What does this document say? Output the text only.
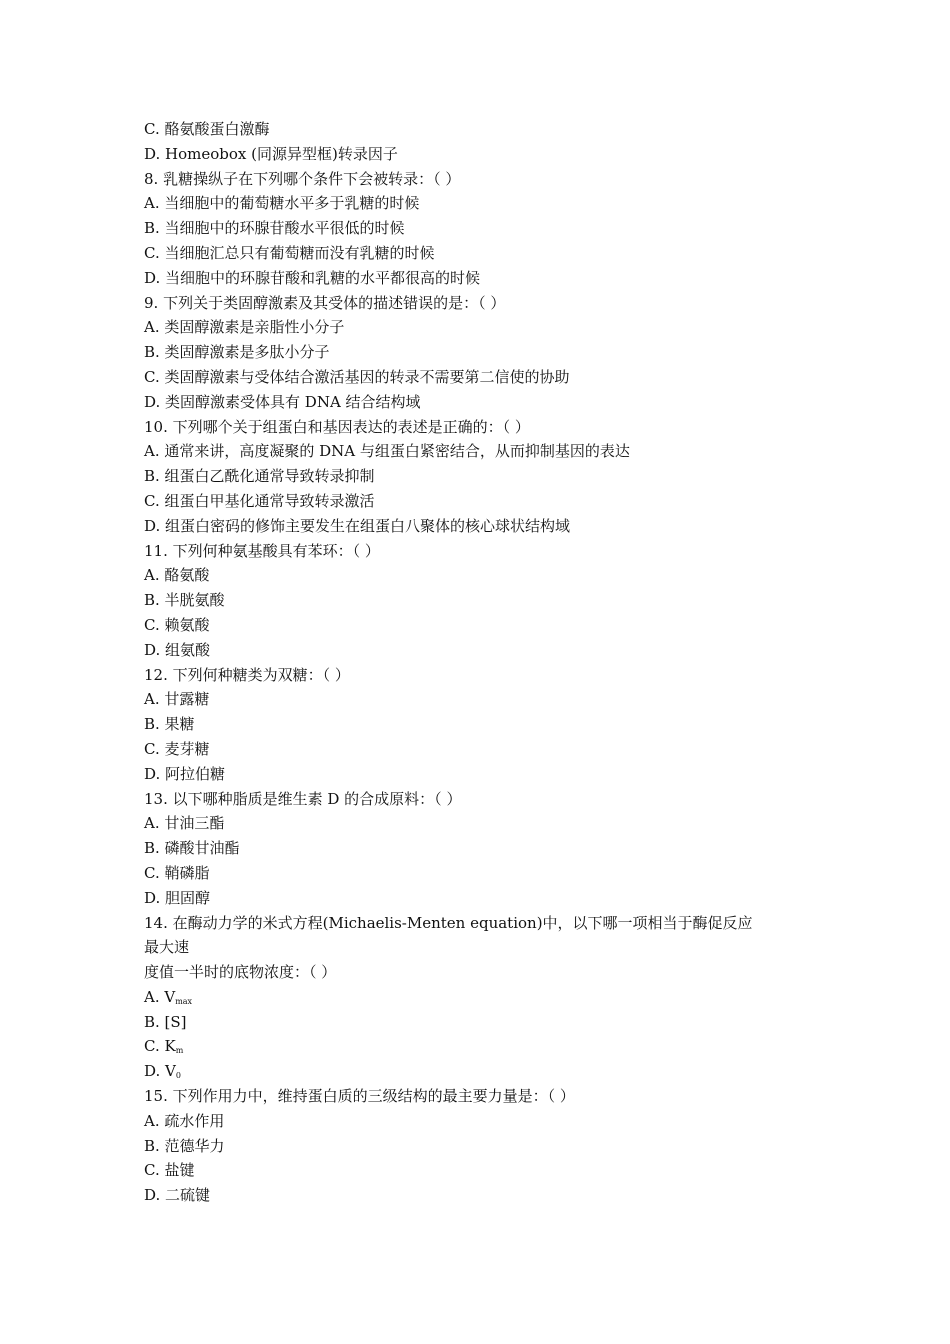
C. 酪氨酸蛋白激酶
D. Homeobox (同源异型框)转录因子
8. 乳糖操纵子在下列哪个条件下会被转录：（ ）
A. 当细胞中的葡萄糖水平多于乳糖的时候
B. 当细胞中的环腺苷酸水平很低的时候
C. 当细胞汇总只有葡萄糖而没有乳糖的时候
D. 当细胞中的环腺苷酸和乳糖的水平都很高的时候
9. 下列关于类固醇激素及其受体的描述错误的是：（ ）
A. 类固醇激素是亲脂性小分子
B. 类固醇激素是多肽小分子
C. 类固醇激素与受体结合激活基因的转录不需要第二信使的协助
D. 类固醇激素受体具有 DNA 结合结构域
10. 下列哪个关于组蛋白和基因表达的表述是正确的：（ ）
A. 通常来讲，高度凝聚的 DNA 与组蛋白紧密结合，从而抑制基因的表达
B. 组蛋白乙酰化通常导致转录抑制
C. 组蛋白甲基化通常导致转录激活
D. 组蛋白密码的修饰主要发生在组蛋白八聚体的核心球状结构域
11. 下列何种氨基酸具有苯环：（ ）
A. 酪氨酸
B. 半胱氨酸
C. 赖氨酸
D. 组氨酸
12. 下列何种糖类为双糖：（ ）
A. 甘露糖
B. 果糖
C. 麦芽糖
D. 阿拉伯糖
13. 以下哪种脂质是维生素 D 的合成原料：（ ）
A. 甘油三酯
B. 磷酸甘油酯
C. 鞘磷脂
D. 胆固醇
14. 在酶动力学的米式方程(Michaelis-Menten equation)中，以下哪一项相当于酶促反应
最大速
度值一半时的底物浓度：（ ）
A. $V_{max}$
B. [S]
C. $K_m$
D. $V_0$
15. 下列作用力中，维持蛋白质的三级结构的最主要力量是：（ ）
A. 疏水作用
B. 范德华力
C. 盐键
D. 二硫键
